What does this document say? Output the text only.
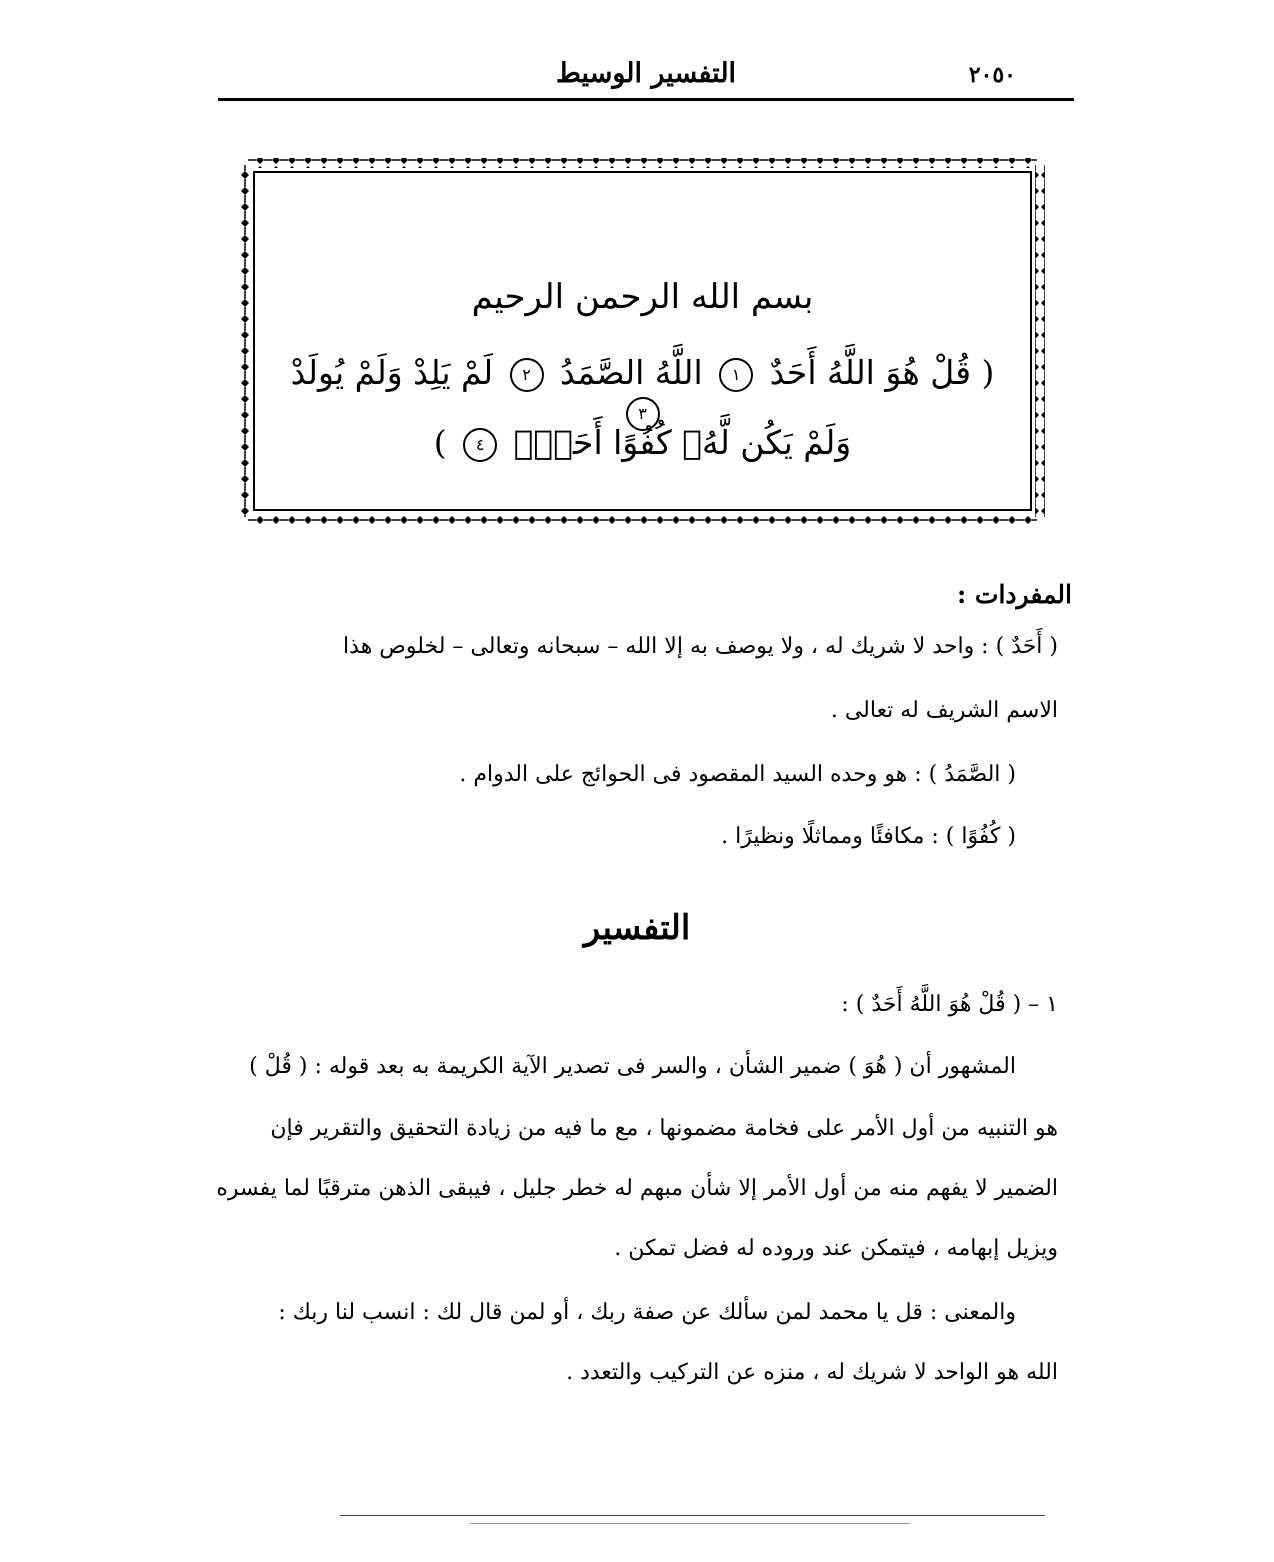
التفسير الوسيط	٢٠٥٠
بسم الله الرحمن الرحيم
( قُلْ هُوَ اللَّهُ أَحَدٌ ١ اللَّهُ الصَّمَدُ ٢ لَمْ يَلِدْ وَلَمْ يُولَدْ ٣
وَلَمْ يَكُن لَّهُۥ كُفُوًا أَحَدٌۢ ٤ )
المفردات :
( أَحَدٌ ) : واحد لا شريك له ، ولا يوصف به إلا الله – سبحانه وتعالى – لخلوص هذا
الاسم الشريف له تعالى .
( الصَّمَدُ ) : هو وحده السيد المقصود فى الحوائج على الدوام .
( كُفُوًا ) : مكافئًا ومماثلًا ونظيرًا .
التفسير
١ – ( قُلْ هُوَ اللَّهُ أَحَدٌ ) :
المشهور أن ( هُوَ ) ضمير الشأن ، والسر فى تصدير الآية الكريمة به بعد قوله : ( قُلْ )
هو التنبيه من أول الأمر على فخامة مضمونها ، مع ما فيه من زيادة التحقيق والتقرير فإن
الضمير لا يفهم منه من أول الأمر إلا شأن مبهم له خطر جليل ، فيبقى الذهن مترقبًا لما يفسره
ويزيل إبهامه ، فيتمكن عند وروده له فضل تمكن .
والمعنى : قل يا محمد لمن سألك عن صفة ربك ، أو لمن قال لك : انسب لنا ربك :
الله هو الواحد لا شريك له ، منزه عن التركيب والتعدد .
